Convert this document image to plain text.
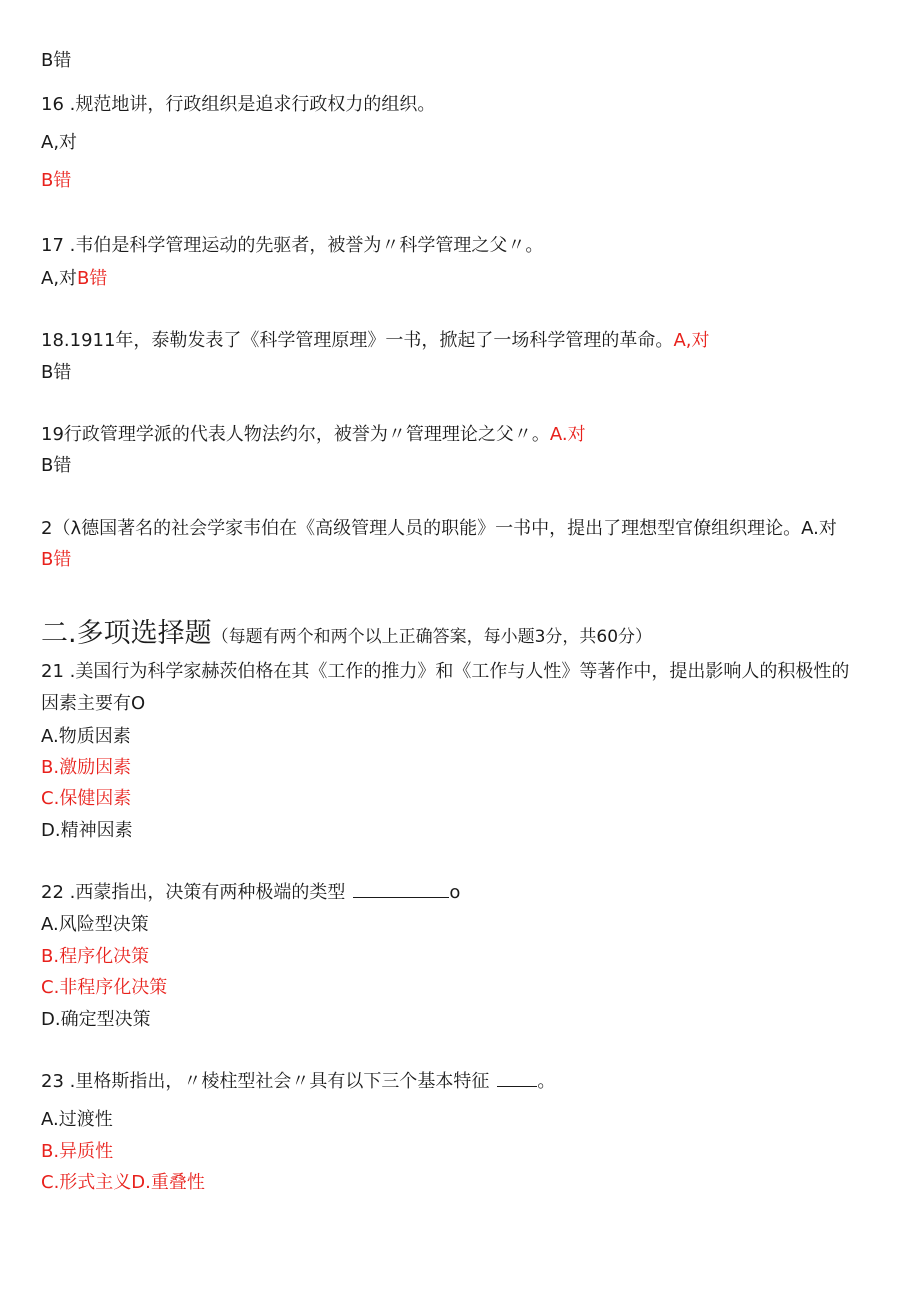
B错
16 .规范地讲，行政组织是追求行政权力的组织。
A,对
B错
17 .韦伯是科学管理运动的先驱者，被誉为〃科学管理之父〃。
A,对B错
18.1911年，泰勒发表了《科学管理原理》一书，掀起了一场科学管理的革命。A,对
B错
19行政管理学派的代表人物法约尔，被誉为〃管理理论之父〃。A.对
B错
2（λ德国著名的社会学家韦伯在《高级管理人员的职能》一书中，提出了理想型官僚组织理论。A.对
B错
二.多项选择题（每题有两个和两个以上正确答案，每小题3分，共60分）
21 .美国行为科学家赫茨伯格在其《工作的推力》和《工作与人性》等著作中，提出影响人的积极性的
因素主要有O
A.物质因素
B.激励因素
C.保健因素
D.精神因素
22 .西蒙指出，决策有两种极端的类型	o
A.风险型决策
B.程序化决策
C.非程序化决策
D.确定型决策
23 .里格斯指出，〃棱柱型社会〃具有以下三个基本特征	。
A.过渡性
B.异质性
C.形式主义D.重叠性
